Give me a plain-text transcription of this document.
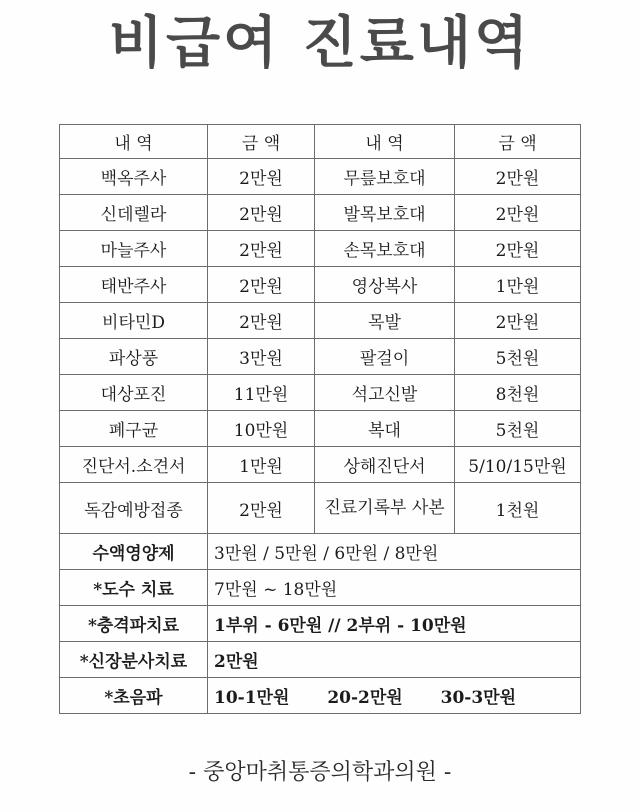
비급여 진료내역
내 역	금 액	내 역	금 액
백옥주사	2만원	무릎보호대	2만원
신데렐라	2만원	발목보호대	2만원
마늘주사	2만원	손목보호대	2만원
태반주사	2만원	영상복사	1만원
비타민D	2만원	목발	2만원
파상풍	3만원	팔걸이	5천원
대상포진	11만원	석고신발	8천원
폐구균	10만원	복대	5천원
진단서.소견서	1만원	상해진단서	5/10/15만원
독감예방접종	2만원	진료기록부 사본	1천원
수액영양제	3만원 / 5만원 / 6만원 / 8만원		
*도수 치료	7만원 ~ 18만원		
*충격파치료	1부위 - 6만원 // 2부위 - 10만원		
*신장분사치료	2만원		
*초음파	10-1만원 20-2만원 30-3만원		
- 중앙마취통증의학과의원 -
